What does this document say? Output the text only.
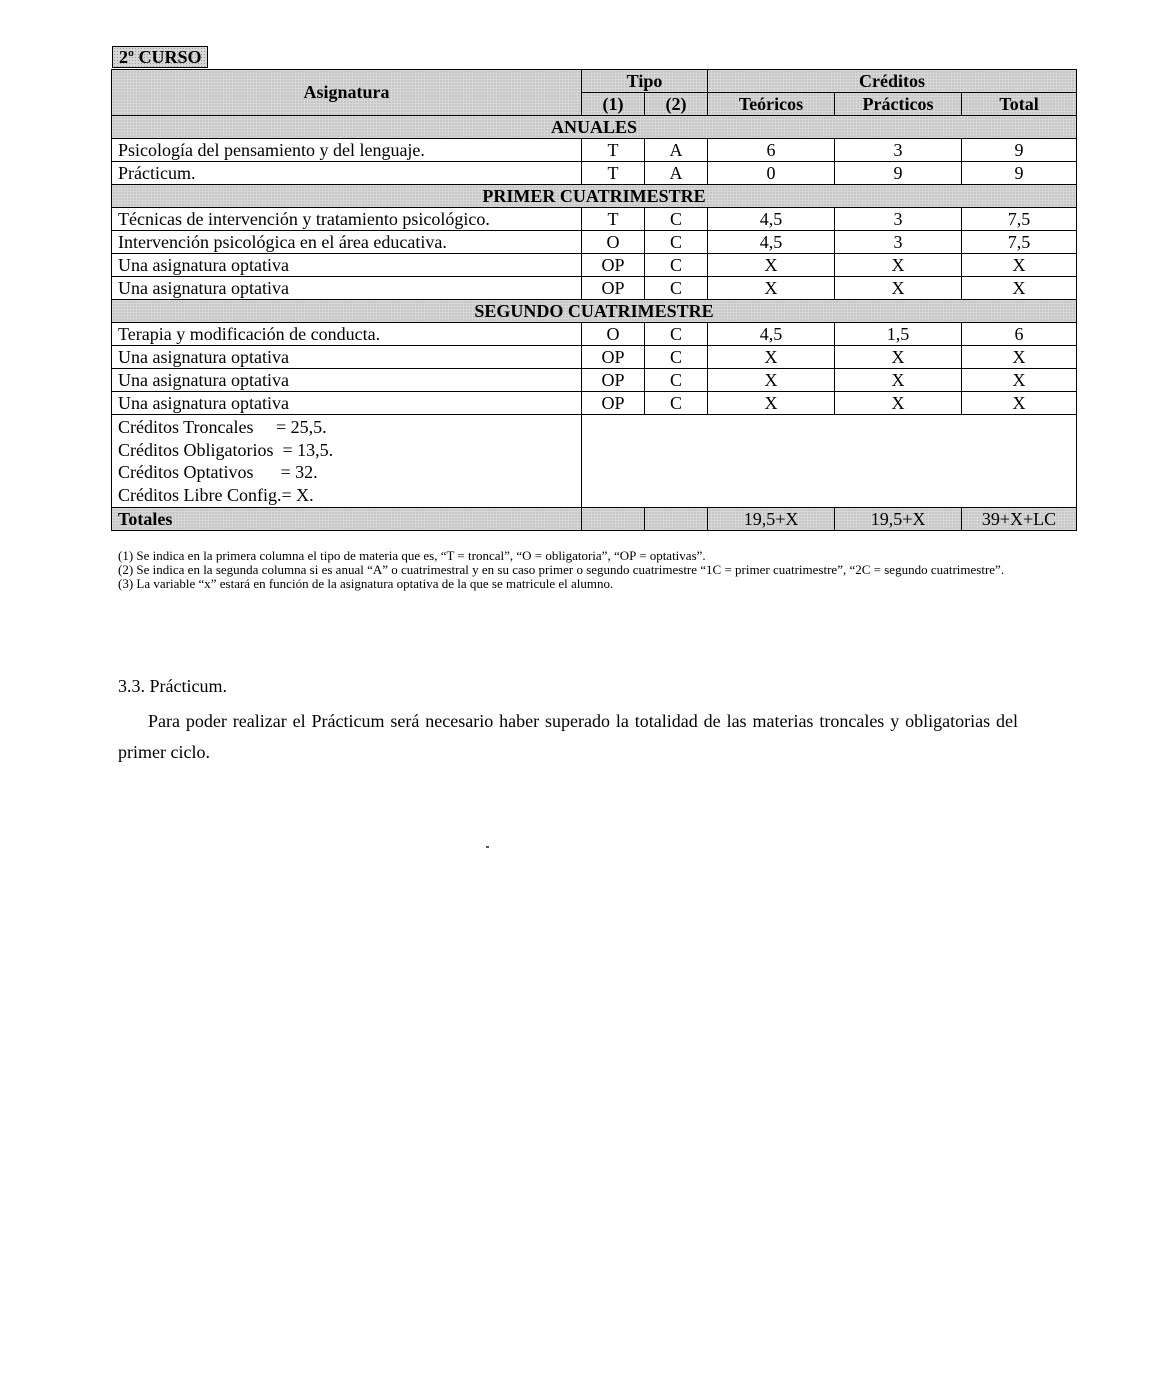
2º CURSO
Asignatura	Tipo		Créditos		
	(1)	(2)	Teóricos	Prácticos	Total
ANUALES					
Psicología del pensamiento y del lenguaje.	T	A	6	3	9
Prácticum.	T	A	0	9	9
PRIMER CUATRIMESTRE					
Técnicas de intervención y tratamiento psicológico.	T	C	4,5	3	7,5
Intervención psicológica en el área educativa.	O	C	4,5	3	7,5
Una asignatura optativa	OP	C	X	X	X
Una asignatura optativa	OP	C	X	X	X
SEGUNDO CUATRIMESTRE					
Terapia y modificación de conducta.	O	C	4,5	1,5	6
Una asignatura optativa	OP	C	X	X	X
Una asignatura optativa	OP	C	X	X	X
Una asignatura optativa	OP	C	X	X	X

Créditos Troncales     = 25,5.
Créditos Obligatorios  = 13,5.
Créditos Optativos      = 32.
Créditos Libre Config.= X.					

Totales			19,5+X	19,5+X	39+X+LC

(1) Se indica en la primera columna el tipo de materia que es, “T = troncal”, “O = obligatoria”, “OP = optativas”.

(2) Se indica en la segunda columna si es anual “A” o cuatrimestral y en su caso primer o segundo cuatrimestre “1C = primer cuatrimestre”, “2C = segundo cuatrimestre”.

(3) La variable “x” estará en función de la asignatura optativa de la que se matricule el alumno.

3.3. Prácticum.

Para poder realizar el Prácticum será necesario haber superado la totalidad de las materias troncales y obligatorias del primer ciclo.
